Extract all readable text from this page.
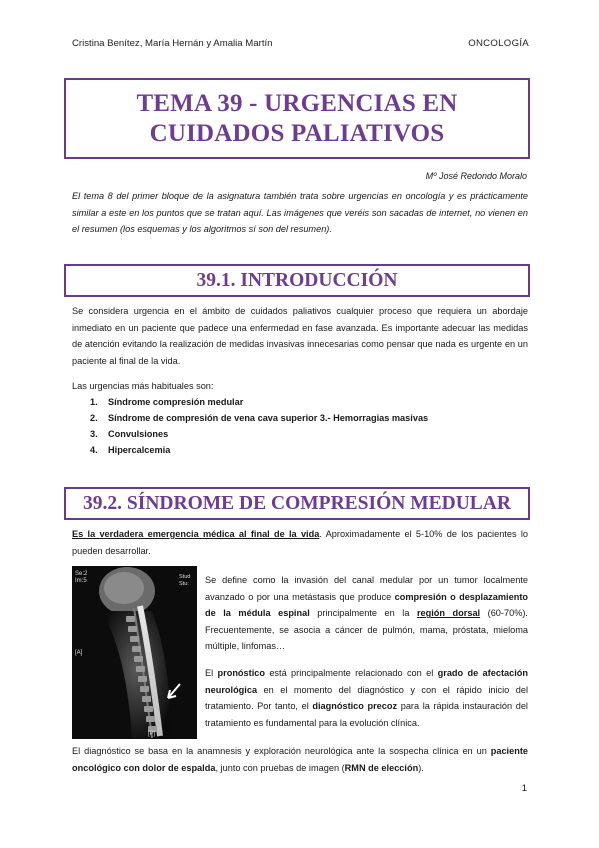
Cristina Benítez, María Hernán y Amalia Martín	ONCOLOGÍA
TEMA 39 - URGENCIAS EN
CUIDADOS PALIATIVOS
Mº José Redondo Moralo
El tema 8 del primer bloque de la asignatura también trata sobre urgencias en oncología y es prácticamente similar a este en los puntos que se tratan aquí. Las imágenes que veréis son sacadas de internet, no vienen en el resumen (los esquemas y los algoritmos sí son del resumen).
39.1. INTRODUCCIÓN
Se considera urgencia en el ámbito de cuidados paliativos cualquier proceso que requiera un abordaje inmediato en un paciente que padece una enfermedad en fase avanzada. Es importante adecuar las medidas de atención evitando la realización de medidas invasivas innecesarias como pensar que nada es urgente en un paciente al final de la vida.
Las urgencias más habituales son:
1.	Síndrome compresión medular
2.	Síndrome de compresión de vena cava superior 3.- Hemorragias masivas
3.	Convulsiones
4.	Hipercalcemia
39.2. SÍNDROME DE COMPRESIÓN MEDULAR
Es la verdadera emergencia médica al final de la vida. Aproximadamente el 5-10% de los pacientes lo pueden desarrollar.
Se:2
Im:5
Stud
Stu:
[A]
[P]
Se define como la invasión del canal medular por un tumor localmente avanzado o por una metástasis que produce compresión o desplazamiento de la médula espinal principalmente en la región dorsal (60-70%). Frecuentemente, se asocia a cáncer de pulmón, mama, próstata, mieloma múltiple, linfomas…
El pronóstico está principalmente relacionado con el grado de afectación neurológica en el momento del diagnóstico y con el rápido inicio del tratamiento. Por tanto, el diagnóstico precoz para la rápida instauración del tratamiento es fundamental para la evolución clínica.
El diagnóstico se basa en la anamnesis y exploración neurológica ante la sospecha clínica en un paciente oncológico con dolor de espalda, junto con pruebas de imagen (RMN de elección).
1
